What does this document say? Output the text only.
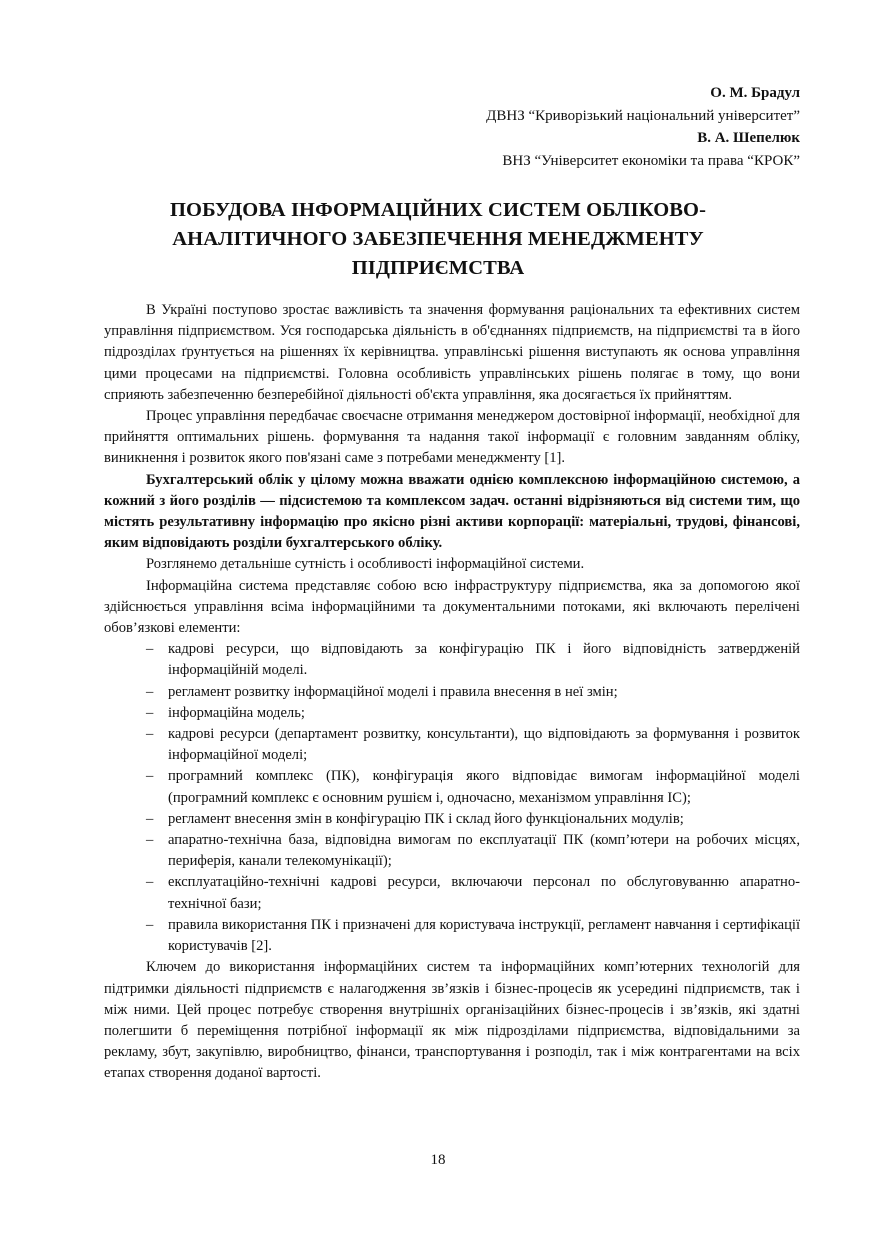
О. М. Брадул
ДВНЗ “Криворізький національний університет”
В. А. Шепелюк
ВНЗ “Університет економіки та права “КРОК”
ПОБУДОВА ІНФОРМАЦІЙНИХ СИСТЕМ ОБЛІКОВО-
АНАЛІТИЧНОГО ЗАБЕЗПЕЧЕННЯ МЕНЕДЖМЕНТУ
ПІДПРИЄМСТВА

В Україні поступово зростає важливість та значення формування раціональних та ефективних систем управління підприємством. Уся господарська діяльність в об'єднаннях підприємств, на підприємстві та в його підрозділах ґрунтується на рішеннях їх керівництва. управлінські рішення виступають як основа управління цими процесами на підприємстві. Головна особливість управлінських рішень полягає в тому, що вони сприяють забезпеченню безперебійної діяльності об'єкта управління, яка досягається їх прийняттям.

Процес управління передбачає своєчасне отримання менеджером достовірної інформації, необхідної для прийняття оптимальних рішень. формування та надання такої інформації є головним завданням обліку, виникнення і розвиток якого пов'язані саме з потребами менеджменту [1].

Бухгалтерський облік у цілому можна вважати однією комплексною інформаційною системою, а кожний з його розділів — підсистемою та комплексом задач. останні відрізняються від системи тим, що містять результативну інформацію про якісно різні активи корпорації: матеріальні, трудові, фінансові, яким відповідають розділи бухгалтерського обліку.

Розглянемо детальніше сутність і особливості інформаційної системи.

Інформаційна система представляє собою всю інфраструктуру підприємства, яка за допомогою якої здійснюється управління всіма інформаційними та документальними потоками, які включають перелічені обов’язкові елементи:

– кадрові ресурси, що відповідають за конфігурацію ПК і його відповідність затвердженій інформаційній моделі.
– регламент розвитку інформаційної моделі і правила внесення в неї змін;
– інформаційна модель;
– кадрові ресурси (департамент розвитку, консультанти), що відповідають за формування і розвиток інформаційної моделі;
– програмний комплекс (ПК), конфігурація якого відповідає вимогам інформаційної моделі (програмний комплекс є основним рушієм і, одночасно, механізмом управління ІС);
– регламент внесення змін в конфігурацію ПК і склад його функціональних модулів;
– апаратно-технічна база, відповідна вимогам по експлуатації ПК (комп’ютери на робочих місцях, периферія, канали телекомунікації);
– експлуатаційно-технічні кадрові ресурси, включаючи персонал по обслуговуванню апаратно-технічної бази;
– правила використання ПК і призначені для користувача інструкції, регламент навчання і сертифікації користувачів [2].

Ключем до використання інформаційних систем та інформаційних комп’ютерних технологій для підтримки діяльності підприємств є налагодження зв’язків і бізнес-процесів як усередині підприємств, так і між ними. Цей процес потребує створення внутрішніх організаційних бізнес-процесів і зв’язків, які здатні полегшити б переміщення потрібної інформації як між підрозділами підприємства, відповідальними за рекламу, збут, закупівлю, виробництво, фінанси, транспортування і розподіл, так і між контрагентами на всіх етапах створення доданої вартості.

18
